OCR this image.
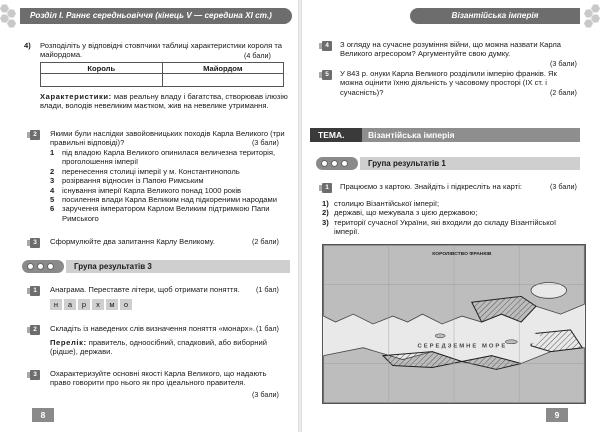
Розділ І. Раннє середньовіччя (кінець V — середина ХІ ст.)
4) Розподіліть у відповідні стовпчики таблиці характеристики короля та майордома.	(4 бали)
Король	Майордом

Характеристики: мав реальну владу і багатства, створював ілюзію влади, володів невеликим маєтком, жив на невелике утримання.
2	Якими були наслідки завойовницьких походів Карла Великого (три правильні відповіді)?	(3 бали)
1	під владою Карла Великого опинилася величезна територія, проголошення імперії
2	перенесення столиці імперії у м. Константинополь
3	розірвання відносин із Папою Римським
4	існування імперії Карла Великого понад 1000 років
5	посилення влади Карла Великим над підкореними народами
6	заручення імператором Карлом Великим підтримкою Папи Римського
3	Сформулюйте два запитання Карлу Великому.	(2 бали)
Група результатів 3
1	Анаграма. Переставте літери, щоб отримати поняття. (1 бал)
н	а	р	х	м	о
2	Складіть із наведених слів визначення поняття «монарх». (1 бал)
Перелік: правитель, одноосібний, спадковий, або виборний (рідше), держави.
3	Охарактеризуйте основні якості Карла Великого, що надають право говорити про нього як про ідеального правителя.
(3 бали)
8
Візантійська імперія
4	З огляду на сучасне розуміння війни, що можна назвати Карла Великого агресором? Аргументуйте свою думку.
(3 бали)
5	У 843 р. онуки Карла Великого розділили імперію франків. Як можна оцінити їхню діяльність у часовому просторі (IX ст. і сучасність)?	(2 бали)
ТЕМА.	Візантійська імперія
Група результатів 1
1	Працюємо з картою. Знайдіть і підкресліть на карті:	(3 бали)
1) столицю Візантійської імперії;
2) державі, що межувала з цією державою;
3) території сучасної України, які входили до складу Візантійської імперії.
КОРОЛІВСТВО ФРАНКІВ
СЕРЕДЗЕМНЕ МОРЕ
9
